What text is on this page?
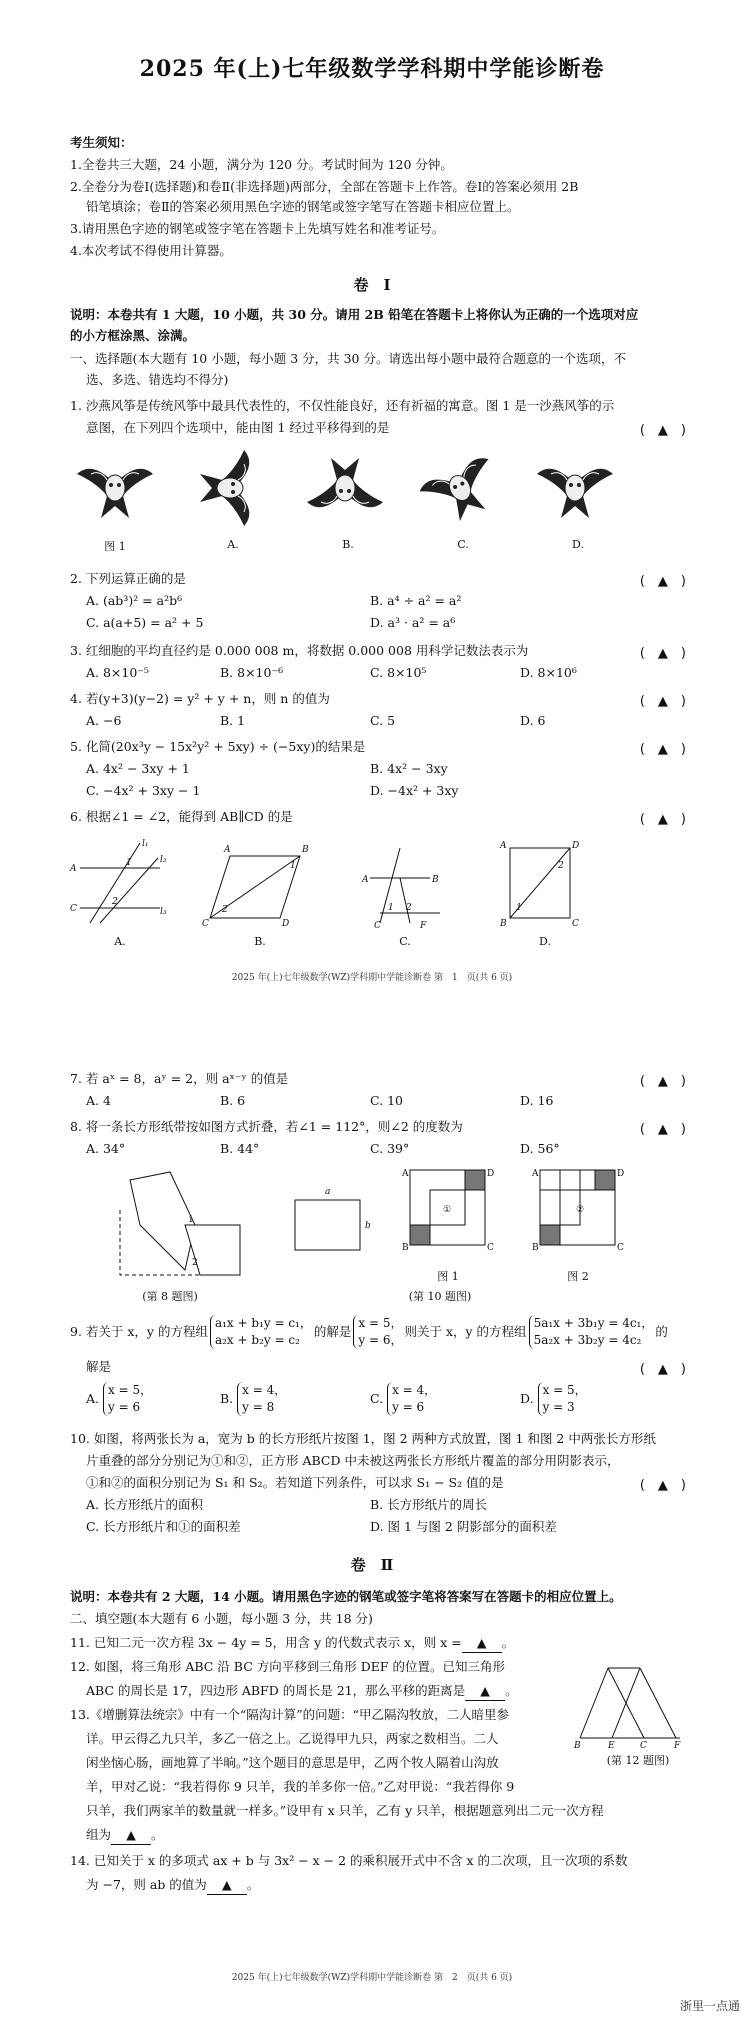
2025 年(上)七年级数学学科期中学能诊断卷
考生须知：
1.全卷共三大题，24 小题，满分为 120 分。考试时间为 120 分钟。
2.全卷分为卷Ⅰ(选择题)和卷Ⅱ(非选择题)两部分，全部在答题卡上作答。卷Ⅰ的答案必须用 2B
铅笔填涂；卷Ⅱ的答案必须用黑色字迹的钢笔或签字笔写在答题卡相应位置上。
3.请用黑色字迹的钢笔或签字笔在答题卡上先填写姓名和准考证号。
4.本次考试不得使用计算器。
卷　Ⅰ
说明：本卷共有 1 大题，10 小题，共 30 分。请用 2B 铅笔在答题卡上将你认为正确的一个选项对应
的小方框涂黑、涂满。
一、选择题(本大题有 10 小题，每小题 3 分，共 30 分。请选出每小题中最符合题意的一个选项，不
选、多选、错选均不得分)
1. 沙燕风筝是传统风筝中最具代表性的，不仅性能良好，还有祈福的寓意。图 1 是一沙燕风筝的示
意图，在下列四个选项中，能由图 1 经过平移得到的是	(　▲　)
图 1	A.	B.	C.	D.
2. 下列运算正确的是	(　▲　)
A. (ab³)² = a²b⁶	B. a⁴ ÷ a² = a²
C. a(a+5) = a² + 5	D. a³ · a² = a⁶
3. 红细胞的平均直径约是 0.000 008 m，将数据 0.000 008 用科学记数法表示为	(　▲　)
A. 8×10⁻⁵	B. 8×10⁻⁶	C. 8×10⁵	D. 8×10⁶
4. 若(y+3)(y−2) = y² + y + n，则 n 的值为	(　▲　)
A. −6	B. 1	C. 5	D. 6
5. 化简(20x³y − 15x²y² + 5xy) ÷ (−5xy)的结果是	(　▲　)
A. 4x² − 3xy + 1	B. 4x² − 3xy
C. −4x² + 3xy − 1	D. −4x² + 3xy
6. 根据∠1 = ∠2，能得到 AB∥CD 的是	(　▲　)
A
C
l₁
l₂
l₃
1
2
A	B
C	D
1
2
A	B
C	F
1 2
A	D
B	C
1
2
A.	B.	C.	D.
2025 年(上)七年级数学(WZ)学科期中学能诊断卷 第　1　页(共 6 页)
7. 若 aˣ = 8，aʸ = 2，则 aˣ⁻ʸ 的值是	(　▲　)
A. 4	B. 6	C. 10	D. 16
8. 将一条长方形纸带按如图方式折叠，若∠1 = 112°，则∠2 的度数为	(　▲　)
A. 34°	B. 44°	C. 39°	D. 56°
1
2
a
b
A	D
B	C
①
A	D
B	C
②
(第 8 题图)
图 1
(第 10 题图)
图 2
9. 若关于 x，y 的方程组
a₁x + b₁y = c₁，
a₂x + b₂y = c₂
的解是
x = 5，
y = 6，
则关于 x，y 的方程组
5a₁x + 3b₁y = 4c₁，
5a₂x + 3b₂y = 4c₂
的
解是	(　▲　)
A.
x = 5，
y = 6
B.
x = 4，
y = 8
C.
x = 4，
y = 6
D.
x = 5，
y = 3
10. 如图，将两张长为 a，宽为 b 的长方形纸片按图 1，图 2 两种方式放置，图 1 和图 2 中两张长方形纸
片重叠的部分分别记为①和②，正方形 ABCD 中未被这两张长方形纸片覆盖的部分用阴影表示，
①和②的面积分别记为 S₁ 和 S₂。若知道下列条件，可以求 S₁ − S₂ 值的是	(　▲　)
A. 长方形纸片的面积	B. 长方形纸片的周长
C. 长方形纸片和①的面积差	D. 图 1 与图 2 阴影部分的面积差
卷　Ⅱ
说明：本卷共有 2 大题，14 小题。请用黑色字迹的钢笔或签字笔将答案写在答题卡的相应位置上。
二、填空题(本大题有 6 小题，每小题 3 分，共 18 分)
11. 已知二元一次方程 3x − 4y = 5，用含 y 的代数式表示 x，则 x = ▲ 。
12. 如图，将三角形 ABC 沿 BC 方向平移到三角形 DEF 的位置。已知三角形
ABC 的周长是 17，四边形 ABFD 的周长是 21，那么平移的距离是 ▲ 。
B	E	C	F
(第 12 题图)
13.《增删算法统宗》中有一个“隔沟计算”的问题：“甲乙隔沟牧放，二人暗里参
详。甲云得乙九只羊，多乙一倍之上。乙说得甲九只，两家之数相当。二人
闲坐恼心肠，画地算了半晌。”这个题目的意思是甲，乙两个牧人隔着山沟放
羊，甲对乙说：“我若得你 9 只羊，我的羊多你一倍。”乙对甲说：“我若得你 9
只羊，我们两家羊的数量就一样多。”设甲有 x 只羊，乙有 y 只羊，根据题意列出二元一次方程
组为 ▲ 。
14. 已知关于 x 的多项式 ax + b 与 3x² − x − 2 的乘积展开式中不含 x 的二次项，且一次项的系数
为 −7，则 ab 的值为 ▲ 。
2025 年(上)七年级数学(WZ)学科期中学能诊断卷 第　2　页(共 6 页)
浙里一点通
